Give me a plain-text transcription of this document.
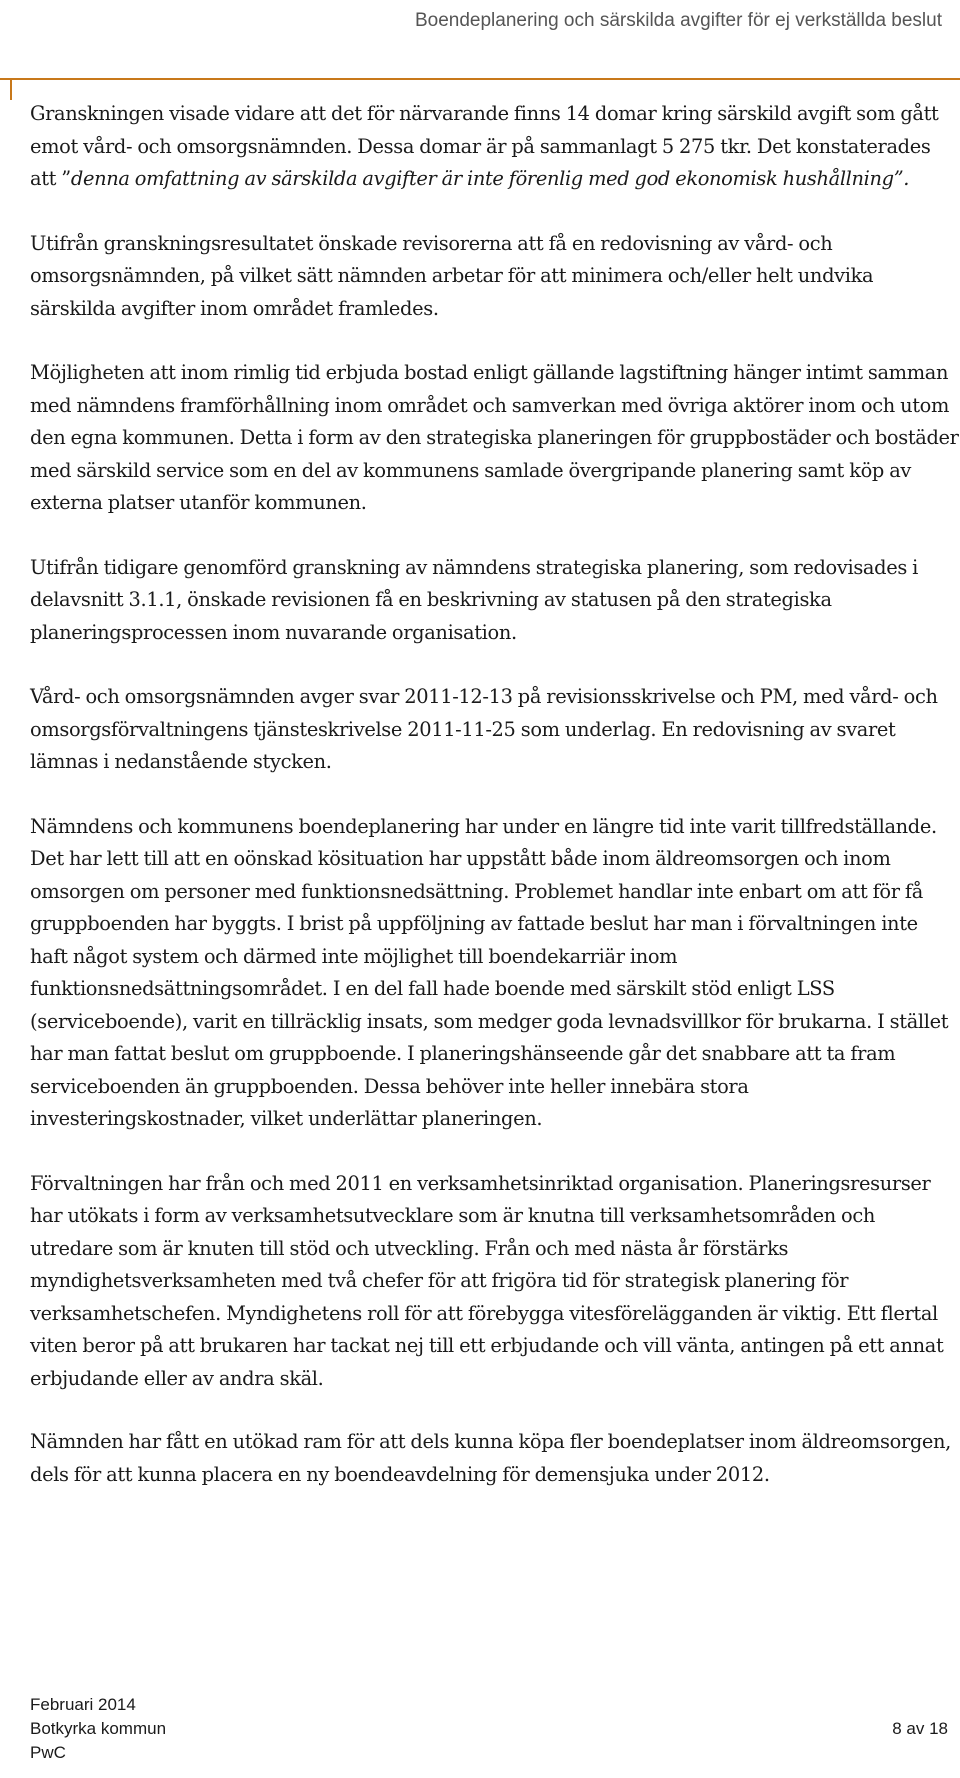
Boendeplanering och särskilda avgifter för ej verkställda beslut

Granskningen visade vidare att det för närvarande finns 14 domar kring särskild avgift som gått emot vård- och omsorgsnämnden. Dessa domar är på sammanlagt 5 275 tkr. Det konstaterades att ”denna omfattning av särskilda avgifter är inte förenlig med god ekonomisk hushållning”.

Utifrån granskningsresultatet önskade revisorerna att få en redovisning av vård- och omsorgsnämnden, på vilket sätt nämnden arbetar för att minimera och/eller helt undvika särskilda avgifter inom området framledes.

Möjligheten att inom rimlig tid erbjuda bostad enligt gällande lagstiftning hänger intimt samman med nämndens framförhållning inom området och samverkan med övriga aktörer inom och utom den egna kommunen. Detta i form av den strategiska planeringen för gruppbostäder och bostäder med särskild service som en del av kommunens samlade övergripande planering samt köp av externa platser utanför kommunen.

Utifrån tidigare genomförd granskning av nämndens strategiska planering, som redovisades i delavsnitt 3.1.1, önskade revisionen få en beskrivning av statusen på den strategiska planeringsprocessen inom nuvarande organisation.

Vård- och omsorgsnämnden avger svar 2011-12-13 på revisionsskrivelse och PM, med vård- och omsorgsförvaltningens tjänsteskrivelse 2011-11-25 som underlag. En redovisning av svaret lämnas i nedanstående stycken.

Nämndens och kommunens boendeplanering har under en längre tid inte varit tillfredställande. Det har lett till att en oönskad kösituation har uppstått både inom äldreomsorgen och inom omsorgen om personer med funktionsnedsättning. Problemet handlar inte enbart om att för få gruppboenden har byggts. I brist på uppföljning av fattade beslut har man i förvaltningen inte haft något system och därmed inte möjlighet till boendekarriär inom funktionsnedsättningsområdet. I en del fall hade boende med särskilt stöd enligt LSS (serviceboende), varit en tillräcklig insats, som medger goda levnadsvillkor för brukarna. I stället har man fattat beslut om gruppboende. I planeringshänseende går det snabbare att ta fram serviceboenden än gruppboenden. Dessa behöver inte heller innebära stora investeringskostnader, vilket underlättar planeringen.

Förvaltningen har från och med 2011 en verksamhetsinriktad organisation. Planeringsresurser har utökats i form av verksamhetsutvecklare som är knutna till verksamhetsområden och utredare som är knuten till stöd och utveckling. Från och med nästa år förstärks myndighetsverksamheten med två chefer för att frigöra tid för strategisk planering för verksamhetschefen. Myndighetens roll för att förebygga vitesförelägganden är viktig. Ett flertal viten beror på att brukaren har tackat nej till ett erbjudande och vill vänta, antingen på ett annat erbjudande eller av andra skäl.

Nämnden har fått en utökad ram för att dels kunna köpa fler boendeplatser inom äldreomsorgen, dels för att kunna placera en ny boendeavdelning för demensjuka under 2012.

Februari 2014
Botkyrka kommun
PwC
8 av 18
